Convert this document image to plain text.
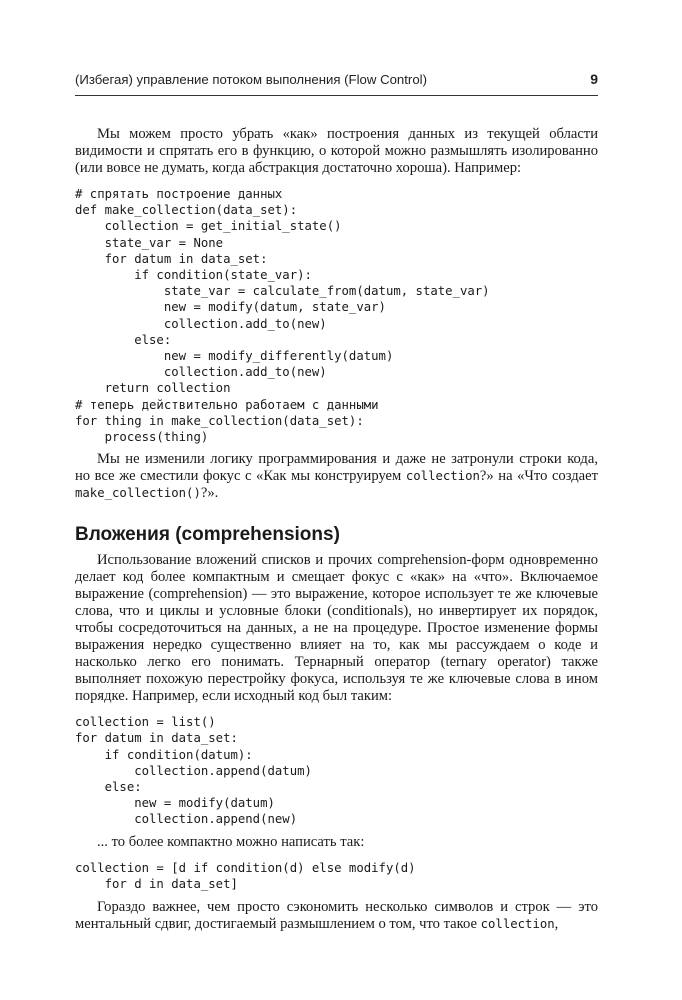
(Избегая) управление потоком выполнения (Flow Control)	9

Мы можем просто убрать «как» построения данных из текущей области видимости и спрятать его в функцию, о которой можно размышлять изолированно (или вовсе не думать, когда абстракция достаточно хороша). Например:

# спрятать построение данных
def make_collection(data_set):
collection = get_initial_state()
state_var = None
for datum in data_set:
if condition(state_var):
state_var = calculate_from(datum, state_var)
new = modify(datum, state_var)
collection.add_to(new)
else:
new = modify_differently(datum)
collection.add_to(new)
return collection
# теперь действительно работаем с данными
for thing in make_collection(data_set):
process(thing)

Мы не изменили логику программирования и даже не затронули строки кода, но все же сместили фокус с «Как мы конструируем collection?» на «Что создает make_collection()?».

Вложения (comprehensions)

Использование вложений списков и прочих comprehension-форм одновременно делает код более компактным и смещает фокус с «как» на «что». Включаемое выражение (comprehension) — это выражение, которое использует те же ключевые слова, что и циклы и условные блоки (conditionals), но инвертирует их порядок, чтобы сосредоточиться на данных, а не на процедуре. Простое изменение формы выражения нередко существенно влияет на то, как мы рассуждаем о коде и насколько легко его понимать. Тернарный оператор (ternary operator) также выполняет похожую перестройку фокуса, используя те же ключевые слова в ином порядке. Например, если исходный код был таким:

collection = list()
for datum in data_set:
if condition(datum):
collection.append(datum)
else:
new = modify(datum)
collection.append(new)

... то более компактно можно написать так:

collection = [d if condition(d) else modify(d)
for d in data_set]

Гораздо важнее, чем просто сэкономить несколько символов и строк — это ментальный сдвиг, достигаемый размышлением о том, что такое collection,
